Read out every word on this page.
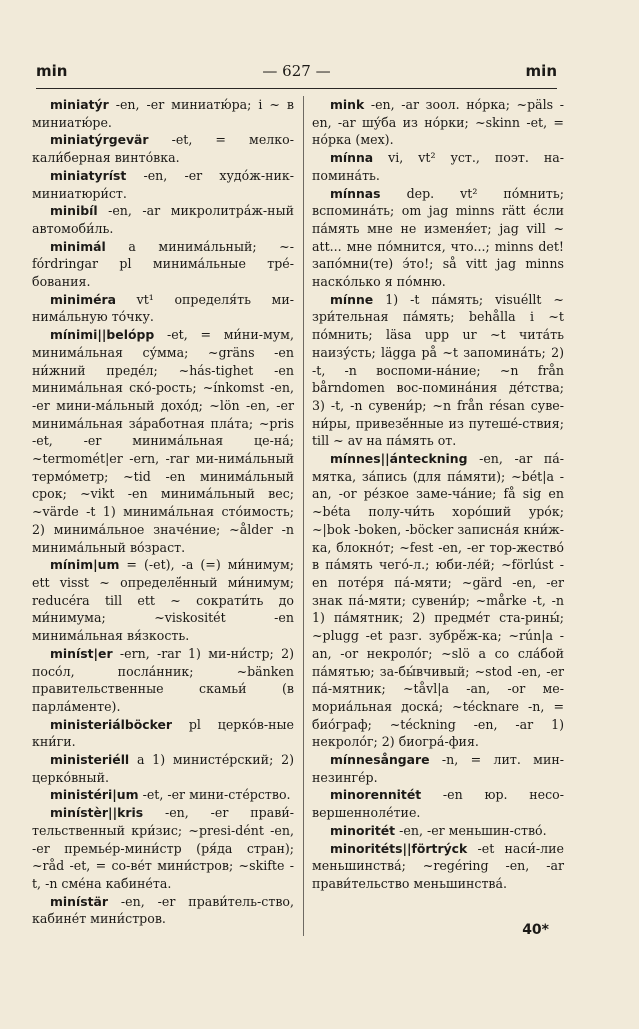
min	— 627 —	min

miniatýr -en, -er миниатю́ра; i ~ в миниатю́ре.

miniatýrgevär -et, = мелко-кали́берная винто́вка.

miniatyríst -en, -er худо́ж-ник-миниатюри́ст.

minibíl -en, -ar микролитра́ж-ный автомоби́ль.

minimál a минима́льный; ~-fórdringar pl минима́льные тре́-бования.

miniméra vt¹ определя́ть ми-нима́льную то́чку.

mínimi||belópp -et, = ми́ни-мум, минима́льная су́мма; ~gräns -en ни́жний преде́л; ~hás-tighet -en минима́льная ско́-рость; ~ínkomst -en, -er мини-ма́льный дохо́д; ~lön -en, -er минима́льная за́работная пла́та; ~pris -et, -er минима́льная це-на́; ~termomét|er -ern, -rar ми-нима́льный термо́метр; ~tid -en минима́льный срок; ~vikt -en минима́льный вес; ~värde -t 1) минима́льная сто́имость; 2) минима́льное значе́ние; ~ålder -n минима́льный во́зраст.

mínim|um = (-et), -a (=) ми́нимум; ett visst ~ определё́нный ми́нимум; reducéra till ett ~ сократи́ть до ми́нимума; ~viskositét -en минима́льная вя́зкость.

miníst|er -ern, -rar 1) ми-ни́стр; 2) посо́л, посла́нник; ~bänken правительственные скамьи́ (в парла́менте).

ministeriálböcker pl церко́в-ные кни́ги.

ministeriéll a 1) министе́рский; 2) церко́вный.

ministéri|um -et, -er мини-сте́рство.

minístèr||kris -en, -er прави́-тельственный кри́зис; ~presi-dént -en, -er премье́р-мини́стр (ря́да стран); ~råd -et, = со-ве́т мини́стров; ~skifte -t, -n сме́на кабине́та.

minístär -en, -er прави́тель-ство, кабине́т мини́стров.

mink -en, -ar зоол. но́рка; ~päls -en, -ar шу́ба из но́рки; ~skinn -et, = но́рка (мех).

mínna vi, vt² уст., поэт. на-помина́ть.

mínnas dep. vt² по́мнить; вспомина́ть; om jag minns rätt е́сли па́мять мне не изменя́ет; jag vill ~ att... мне по́мнится, что...; minns det! запо́мни(те) э́то!; så vitt jag minns наско́лько я по́мню.

mínne 1) -t па́мять; visuéllt ~ зри́тельная па́мять; behålla i ~t по́мнить; läsa upp ur ~t чита́ть наизу́сть; lägga på ~t запомина́ть; 2) -t, -n воспоми-на́ние; ~n från bårndomen вос-помина́ния де́тства; 3) -t, -n сувени́р; ~n från résan суве-ни́ры, привезё́нные из путеше́-ствия; till ~ av на па́мять от.

mínnes||ánteckning -en, -ar па́-мятка, за́пись (для па́мяти); ~bét|a -an, -or ре́зкое заме-ча́ние; få sig en ~béta полу-чи́ть хоро́ший уро́к; ~|bok -boken, -böcker записна́я кни́ж-ка, блокно́т; ~fest -en, -er тор-жество́ в па́мять чего́-л.; юби-ле́й; ~förlúst -en поте́ря па́-мяти; ~gärd -en, -er знак па́-мяти; сувени́р; ~mårke -t, -n 1) па́мятник; 2) предме́т ста-рины́; ~plugg -et разг. зубрё́ж-ка; ~rún|a -an, -or некроло́г; ~slö a со сла́бой па́мятью; за-бы́вчивый; ~stod -en, -er па́-мятник; ~tåvl|a -an, -or ме-мориа́льная доска́; ~técknare -n, = био́граф; ~téckning -en, -ar 1) некроло́г; 2) биогра́-фия.

mínnesångare -n, = лит. мин-незинге́р.

minorennitét -en юр. несо-вершенноле́тие.

minoritét -en, -er меньшин-ство́.

minoritéts||förtrýck -et наси́-лие меньшинства́; ~regéring -en, -ar прави́тельство меньшинства́.

40*
